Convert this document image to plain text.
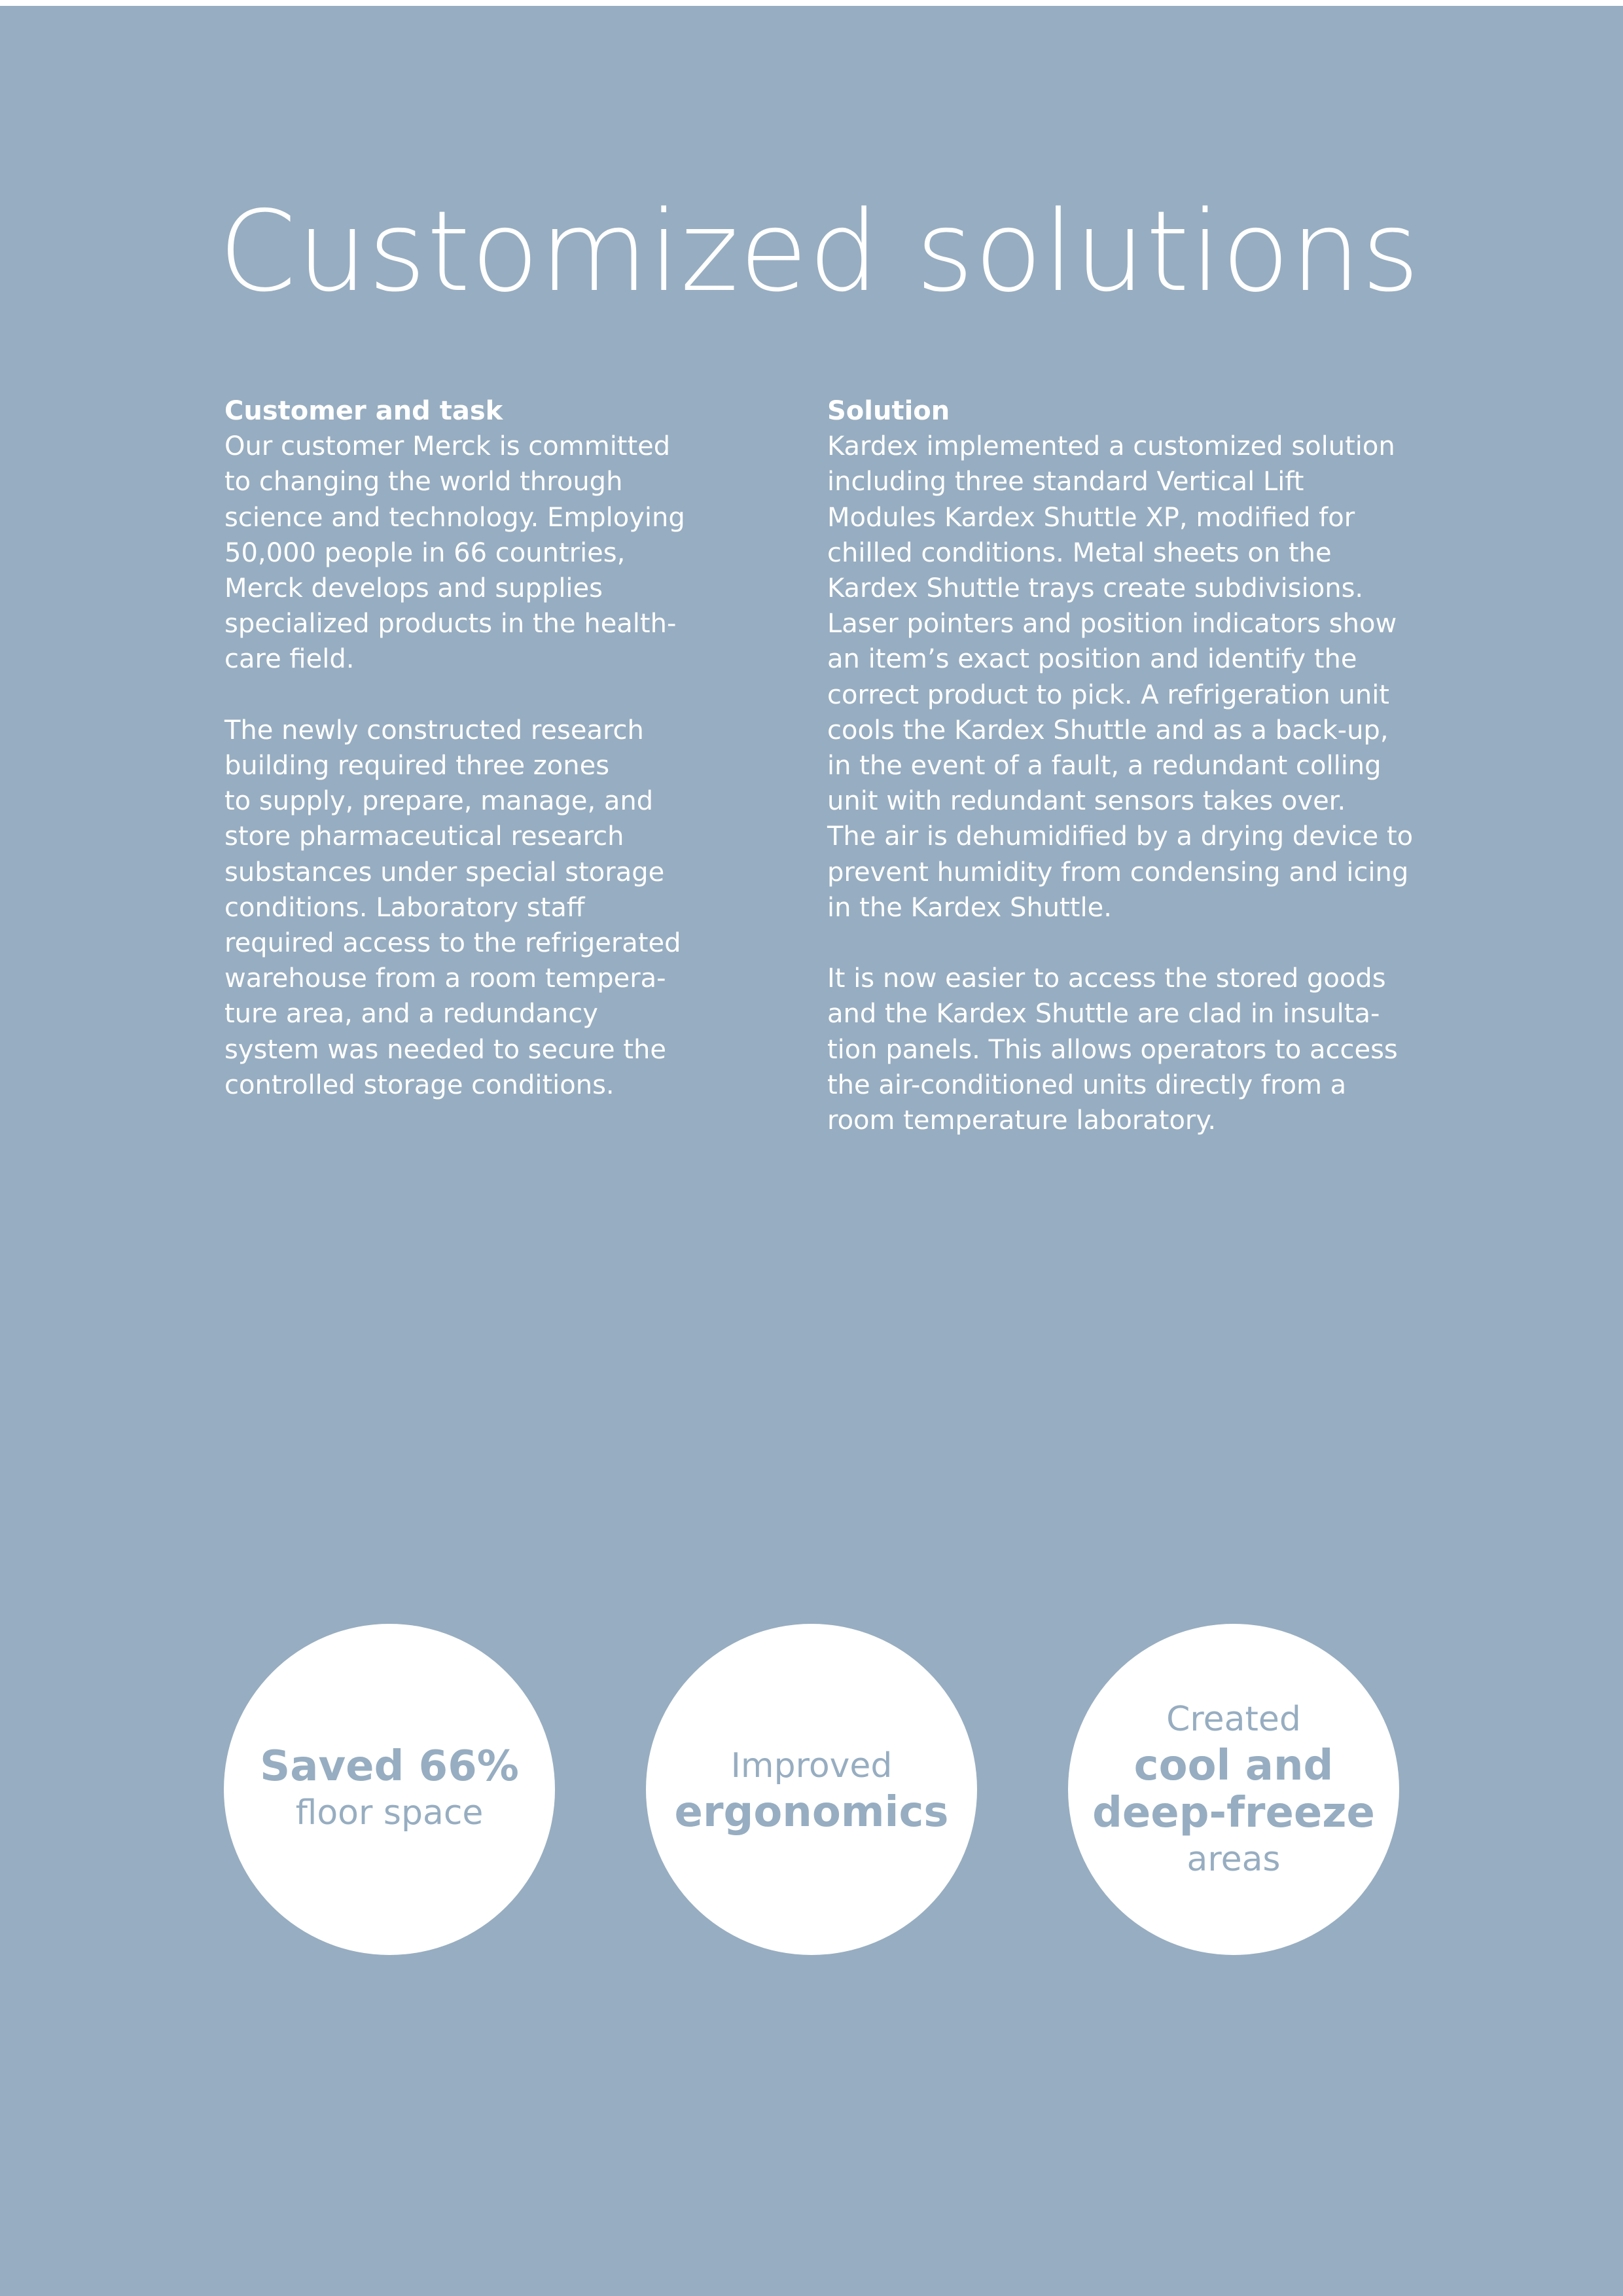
Customized solutions
Customer and task

Our customer Merck is committed
to changing the world through
science and technology. Employing
50,000 people in 66 countries,
Merck develops and supplies
specialized products in the health-
care field.

The newly constructed research
building required three zones
to supply, prepare, manage, and
store pharmaceutical research
substances under special storage
conditions. Laboratory staff
required access to the refrigerated
warehouse from a room tempera-
ture area, and a redundancy
system was needed to secure the
controlled storage conditions.

Solution

Kardex implemented a customized solution
including three standard Vertical Lift
Modules Kardex Shuttle XP, modified for
chilled conditions. Metal sheets on the
Kardex Shuttle trays create subdivisions.
Laser pointers and position indicators show
an item’s exact position and identify the
correct product to pick. A refrigeration unit
cools the Kardex Shuttle and as a back-up,
in the event of a fault, a redundant colling
unit with redundant sensors takes over.
The air is dehumidified by a drying device to
prevent humidity from condensing and icing
in the Kardex Shuttle.

It is now easier to access the stored goods
and the Kardex Shuttle are clad in insulta-
tion panels. This allows operators to access
the air-conditioned units directly from a
room temperature laboratory.

Saved 66%
floor space
Improved
ergonomics
Created
cool and
deep-freeze
areas
